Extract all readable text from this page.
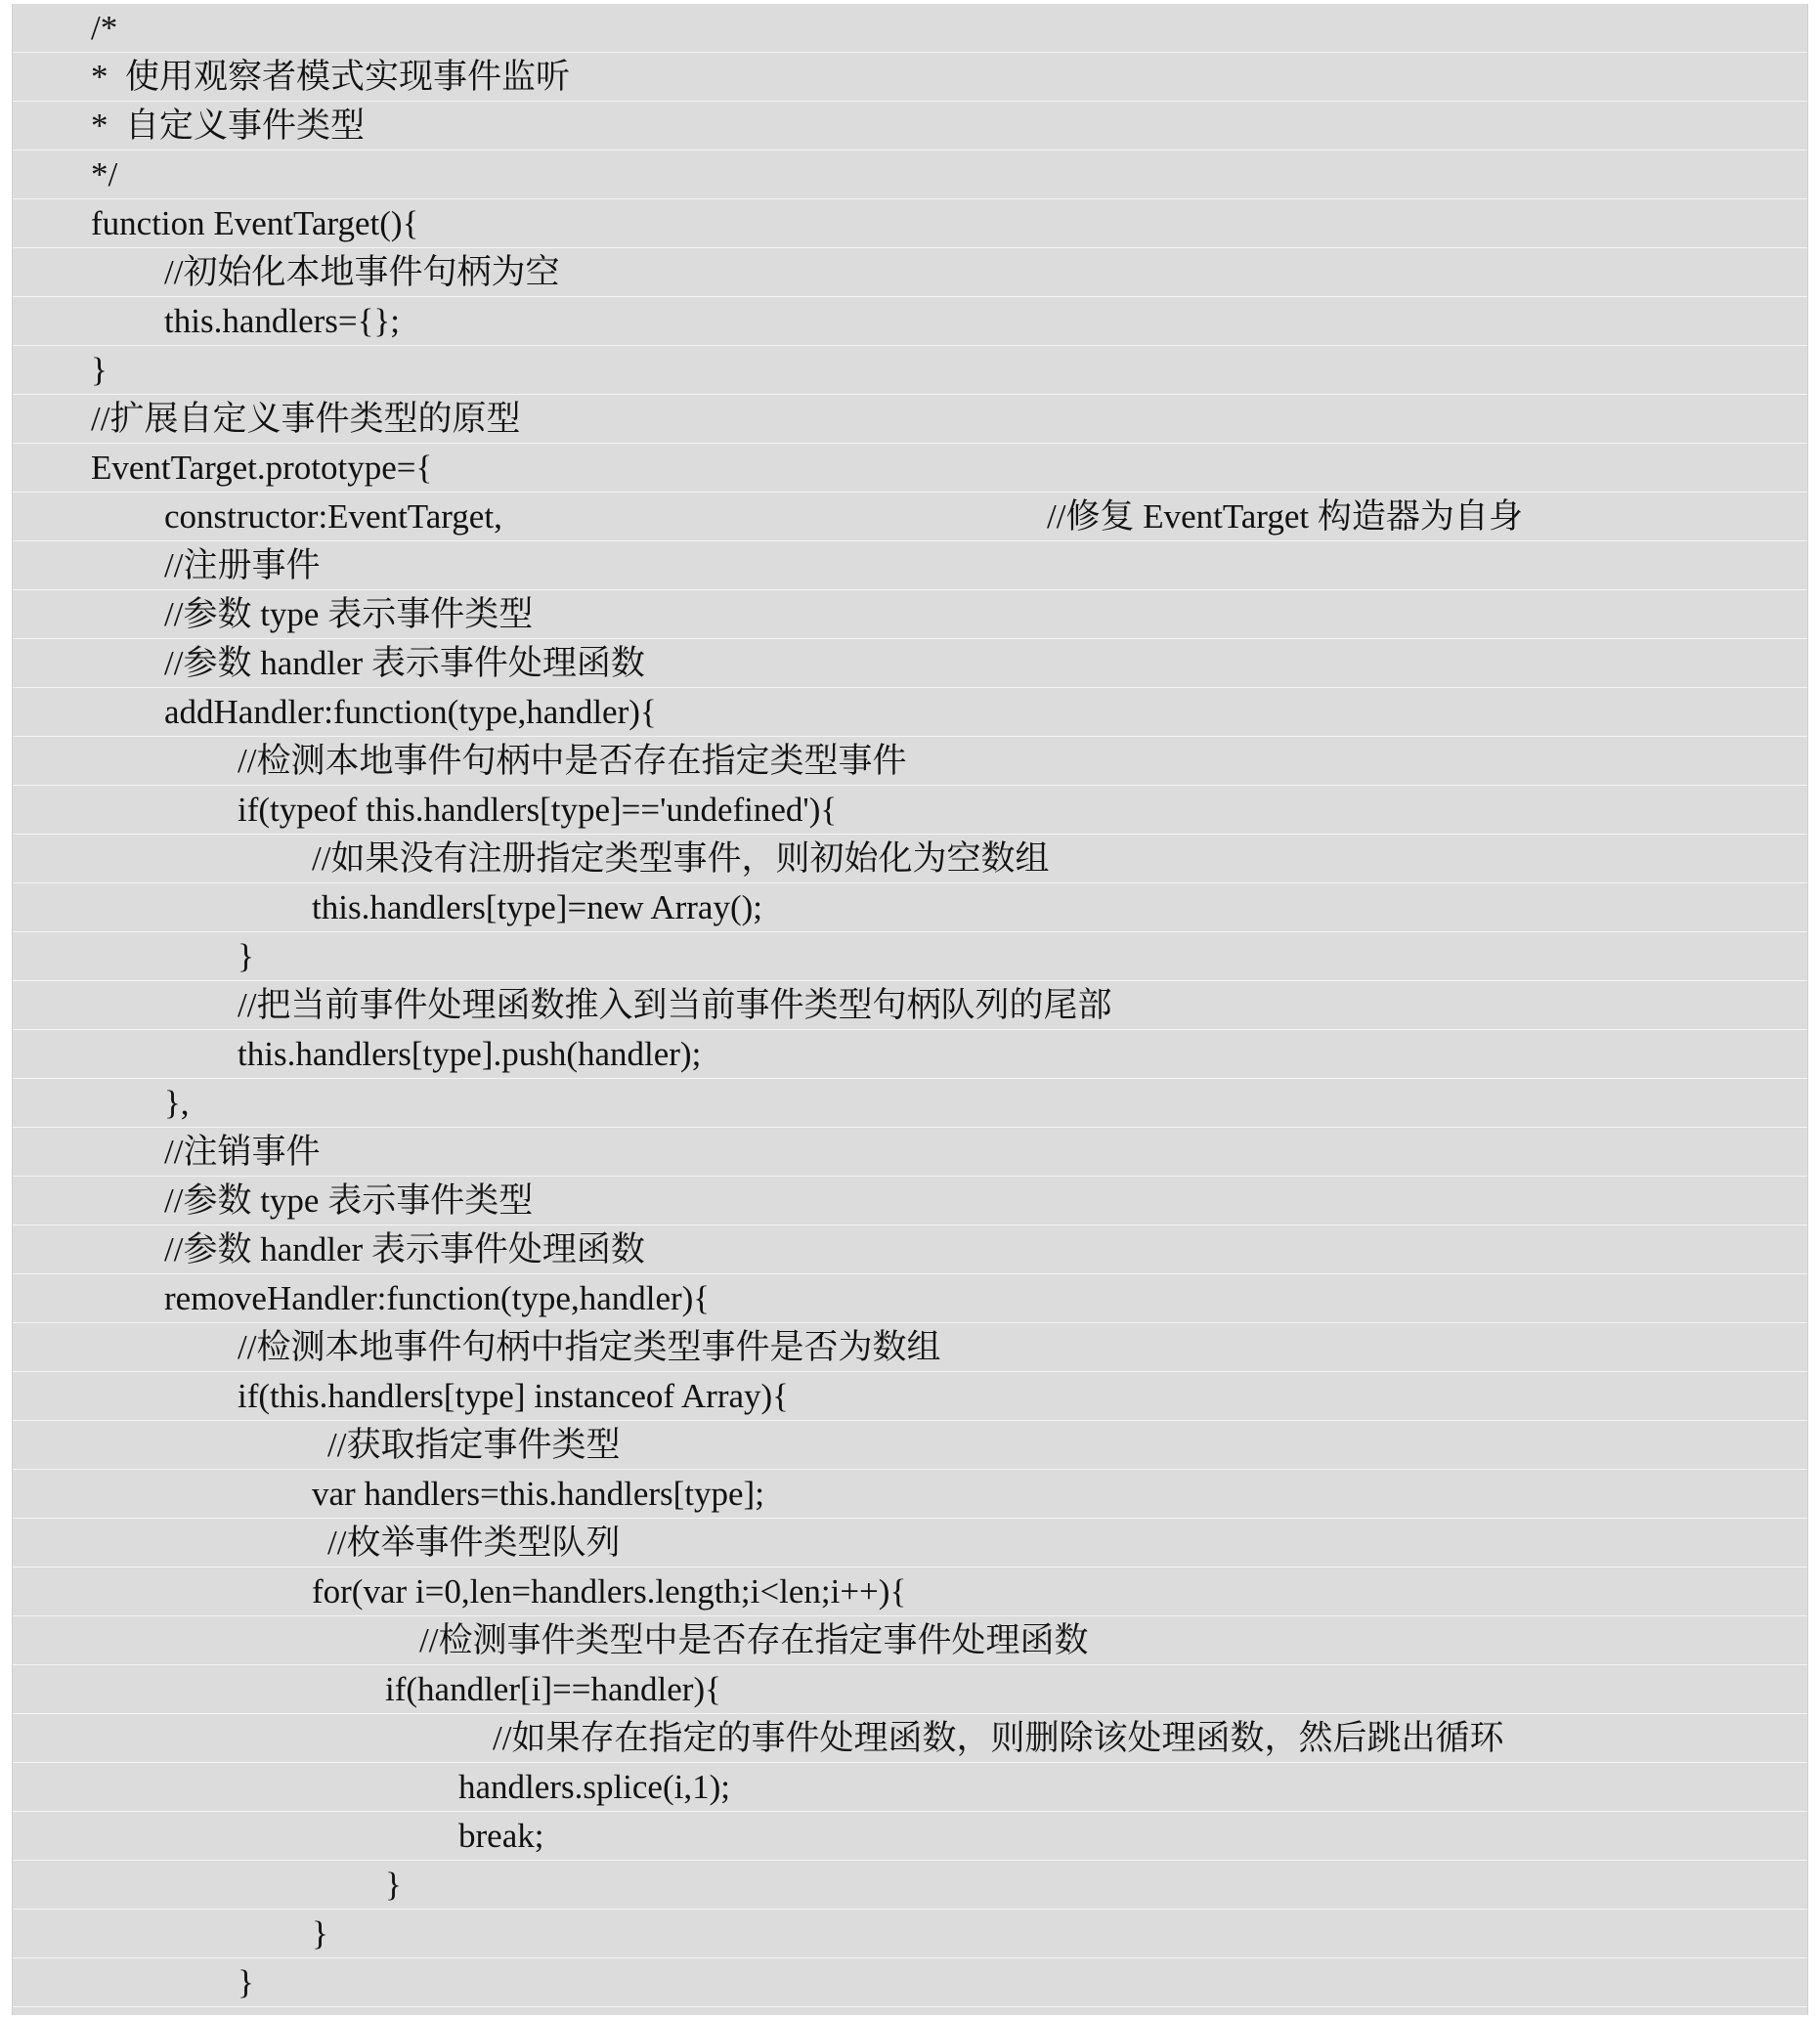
/*
*  使用观察者模式实现事件监听
*  自定义事件类型
*/
function EventTarget(){
//初始化本地事件句柄为空
this.handlers={};
}
//扩展自定义事件类型的原型
EventTarget.prototype={
constructor:EventTarget,	//修复 EventTarget 构造器为自身
//注册事件
//参数 type 表示事件类型
//参数 handler 表示事件处理函数
addHandler:function(type,handler){
//检测本地事件句柄中是否存在指定类型事件
if(typeof this.handlers[type]=='undefined'){
//如果没有注册指定类型事件，则初始化为空数组
this.handlers[type]=new Array();
}
//把当前事件处理函数推入到当前事件类型句柄队列的尾部
this.handlers[type].push(handler);
},
//注销事件
//参数 type 表示事件类型
//参数 handler 表示事件处理函数
removeHandler:function(type,handler){
//检测本地事件句柄中指定类型事件是否为数组
if(this.handlers[type] instanceof Array){
//获取指定事件类型
var handlers=this.handlers[type];
//枚举事件类型队列
for(var i=0,len=handlers.length;i<len;i++){
//检测事件类型中是否存在指定事件处理函数
if(handler[i]==handler){
//如果存在指定的事件处理函数，则删除该处理函数，然后跳出循环
handlers.splice(i,1);
break;
}
}
}
